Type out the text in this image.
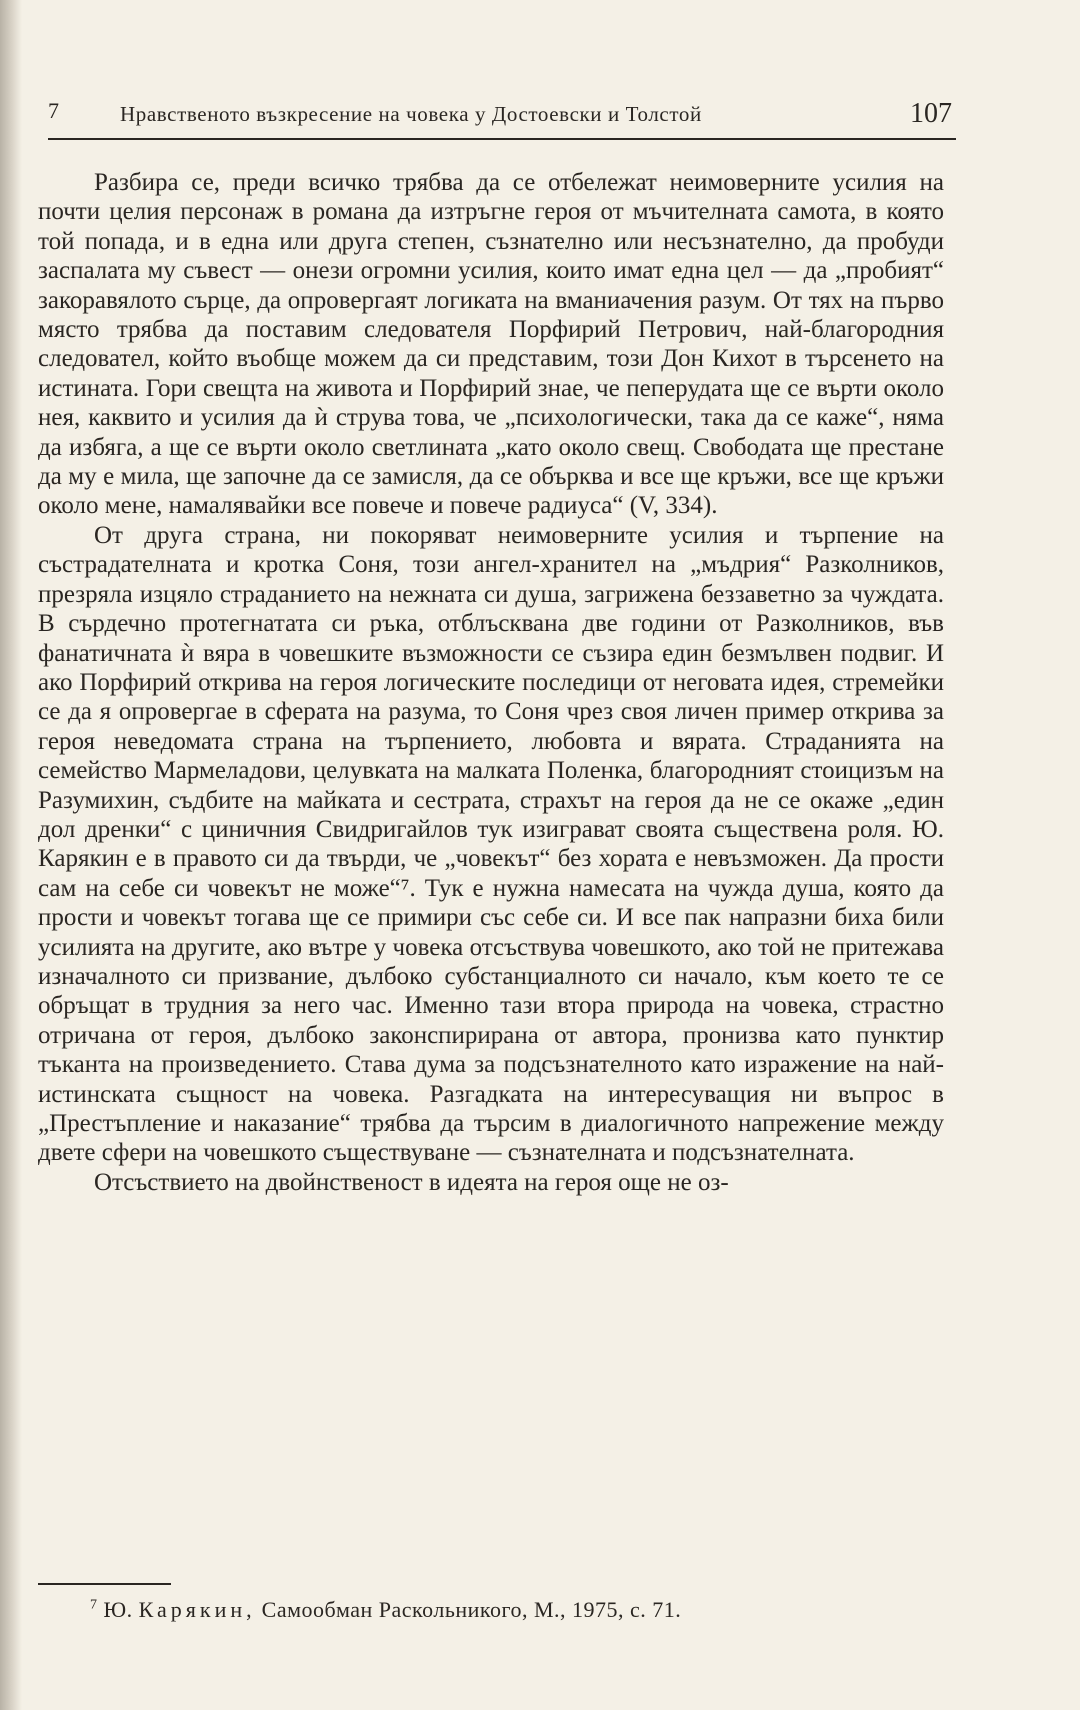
7	Нравственото възкресение на човека у Достоевски и Толстой	107

Разбира се, преди всичко трябва да се отбележат неимоверните усилия на почти целия персонаж в романа да изтръгне героя от мъчителната самота, в която той попада, и в една или друга степен, съзнателно или несъзнателно, да пробуди заспалата му съвест — онези огромни усилия, които имат една цел — да „пробият“ закоравялото сърце, да опровергаят логиката на вманиачения разум. От тях на първо място трябва да поставим следователя Порфирий Петрович, най-благородния следовател, който въобще можем да си представим, този Дон Кихот в търсенето на истината. Гори свещта на живота и Порфирий знае, че пеперудата ще се върти около нея, каквито и усилия да ѝ струва това, че „психологически, така да се каже“, няма да избяга, а ще се върти около светлината „като около свещ. Свободата ще престане да му е мила, ще започне да се замисля, да се обърква и все ще кръжи, все ще кръжи около мене, намалявайки все повече и повече радиуса“ (V, 334).

От друга страна, ни покоряват неимоверните усилия и търпение на състрадателната и кротка Соня, този ангел-хранител на „мъдрия“ Разколников, презряла изцяло страданието на нежната си душа, загрижена беззаветно за чуждата. В сърдечно протегнатата си ръка, отблъсквана две години от Разколников, във фанатичната ѝ вяра в човешките възможности се съзира един безмълвен подвиг. И ако Порфирий открива на героя логическите последици от неговата идея, стремейки се да я опровергае в сферата на разума, то Соня чрез своя личен пример открива за героя неведомата страна на търпението, любовта и вярата. Страданията на семейство Мармеладови, целувката на малката Поленка, благородният стоицизъм на Разумихин, съдбите на майката и сестрата, страхът на героя да не се окаже „един дол дренки“ с циничния Свидригайлов тук изиграват своята съществена роля. Ю. Карякин е в правото си да твърди, че „човекът“ без хората е невъзможен. Да прости сам на себе си човекът не може“⁷. Тук е нужна намесата на чужда душа, която да прости и човекът тогава ще се примири със себе си. И все пак напразни биха били усилията на другите, ако вътре у човека отсъствува човешкото, ако той не притежава изначалното си призвание, дълбоко субстанциалното си начало, към което те се обръщат в трудния за него час. Именно тази втора природа на човека, страстно отричана от героя, дълбоко законспирирана от автора, пронизва като пунктир тъканта на произведението. Става дума за подсъзнателното като изражение на най-истинската същност на човека. Разгадката на интересуващия ни въпрос в „Престъпление и наказание“ трябва да търсим в диалогичното напрежение между двете сфери на човешкото съществуване — съзнателната и подсъзнателната.

Отсъствието на двойнственост в идеята на героя още не оз-

$^7$ Ю. Карякин, Самообман Раскольникого, М., 1975, с. 71.
